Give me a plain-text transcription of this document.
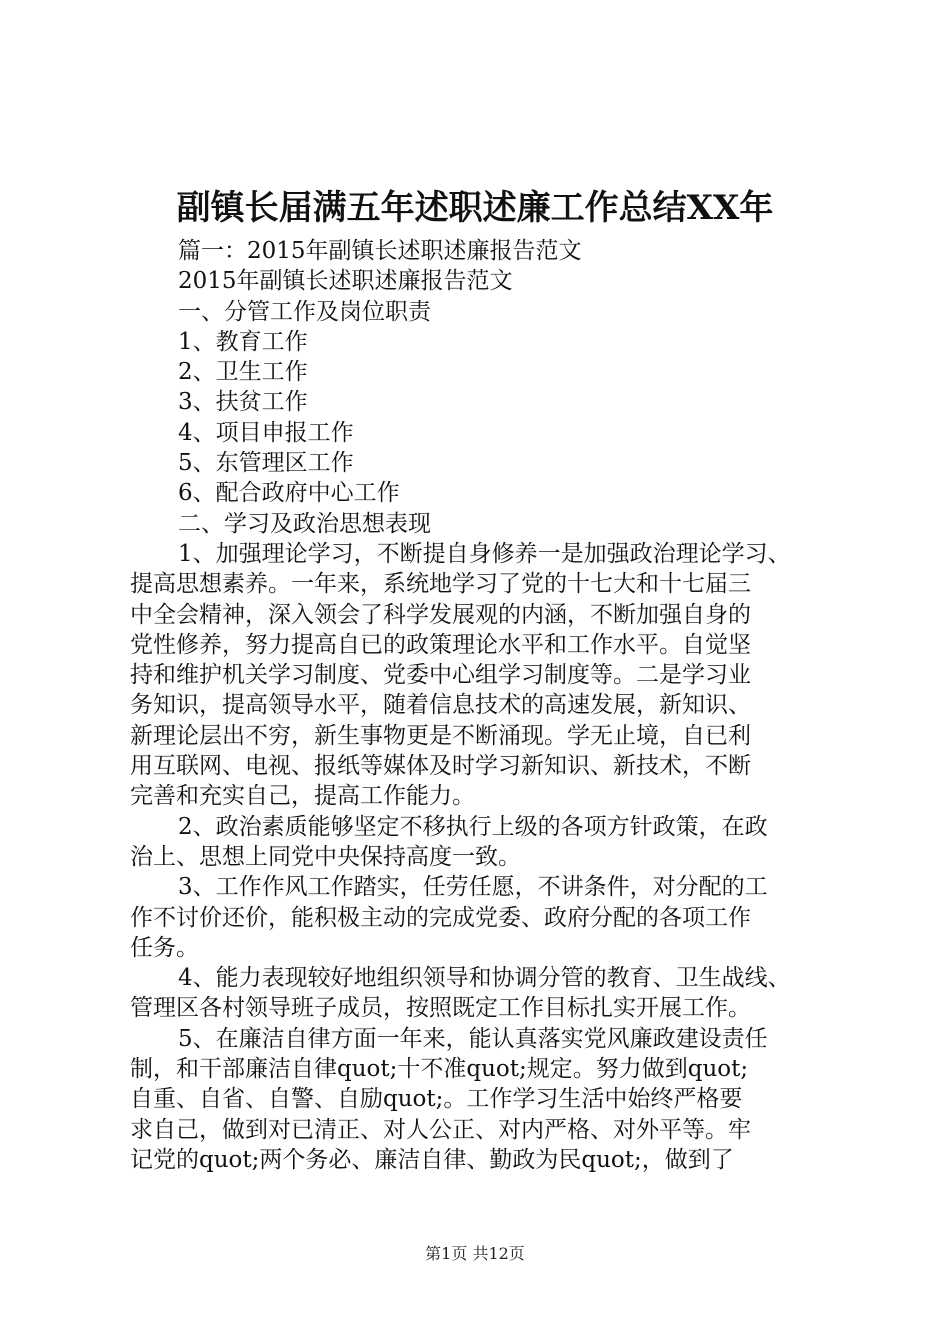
副镇长届满五年述职述廉工作总结XX年
篇一：2015年副镇长述职述廉报告范文
2015年副镇长述职述廉报告范文
一、分管工作及岗位职责
1、教育工作
2、卫生工作
3、扶贫工作
4、项目申报工作
5、东管理区工作
6、配合政府中心工作
二、学习及政治思想表现
1、加强理论学习，不断提自身修养一是加强政治理论学习、
提高思想素养。一年来，系统地学习了党的十七大和十七届三
中全会精神，深入领会了科学发展观的内涵，不断加强自身的
党性修养，努力提高自已的政策理论水平和工作水平。自觉坚
持和维护机关学习制度、党委中心组学习制度等。二是学习业
务知识，提高领导水平，随着信息技术的高速发展，新知识、
新理论层出不穷，新生事物更是不断涌现。学无止境，自已利
用互联网、电视、报纸等媒体及时学习新知识、新技术，不断
完善和充实自己，提高工作能力。
2、政治素质能够坚定不移执行上级的各项方针政策，在政
治上、思想上同党中央保持高度一致。
3、工作作风工作踏实，任劳任愿，不讲条件，对分配的工
作不讨价还价，能积极主动的完成党委、政府分配的各项工作
任务。
4、能力表现较好地组织领导和协调分管的教育、卫生战线、
管理区各村领导班子成员，按照既定工作目标扎实开展工作。
5、在廉洁自律方面一年来，能认真落实党风廉政建设责任
制，和干部廉洁自律quot;十不准quot;规定。努力做到quot;
自重、自省、自警、自励quot;。工作学习生活中始终严格要
求自己，做到对已清正、对人公正、对内严格、对外平等。牢
记党的quot;两个务必、廉洁自律、勤政为民quot;，做到了
第1页 共12页
